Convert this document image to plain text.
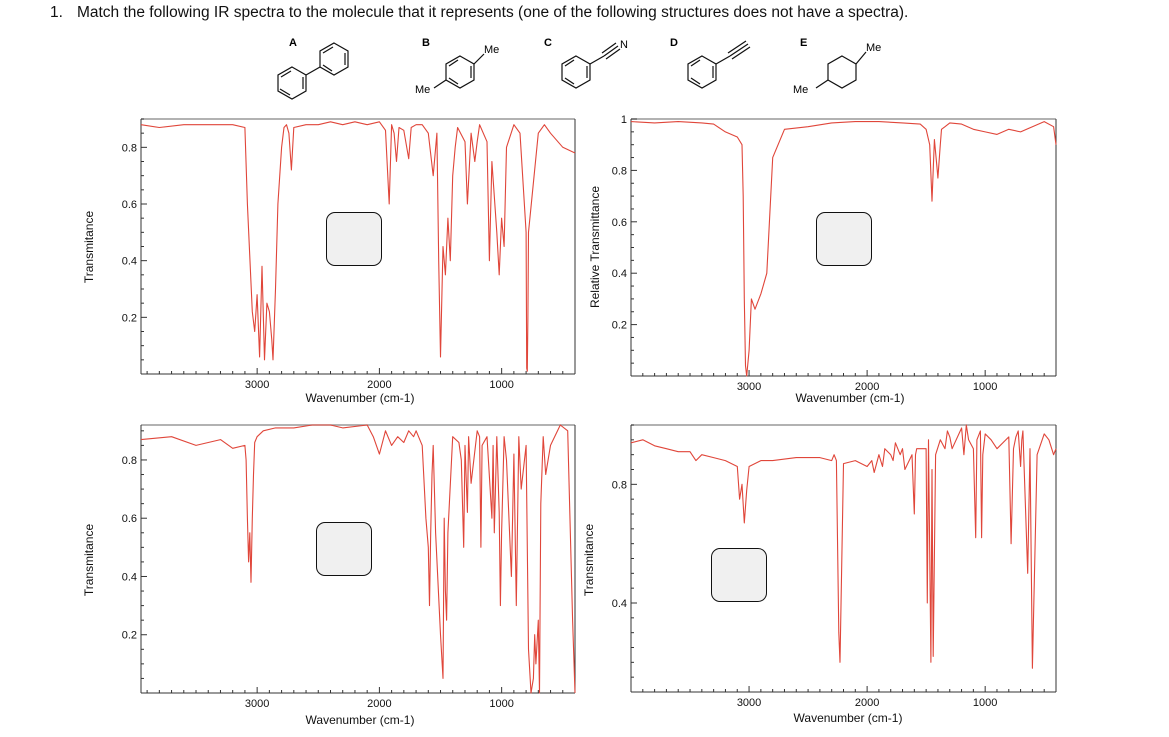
1. Match the following IR spectra to the molecule that it represents (one of the following structures does not have a spectra).
A	B
Me
Me
C	N	D	E	Me
Me
3000	2000	1000
0.2
0.4
0.6
0.8
3000	2000	1000
0.2
0.4
0.6
0.8
1
3000	2000	1000
0.2
0.4
0.6
0.8
3000	2000	1000
0.4
0.8
Transmitance
Wavenumber (cm-1)
Relative Transmittance
Wavenumber (cm-1)
Transmitance
Wavenumber (cm-1)
Transmitance
Wavenumber (cm-1)
